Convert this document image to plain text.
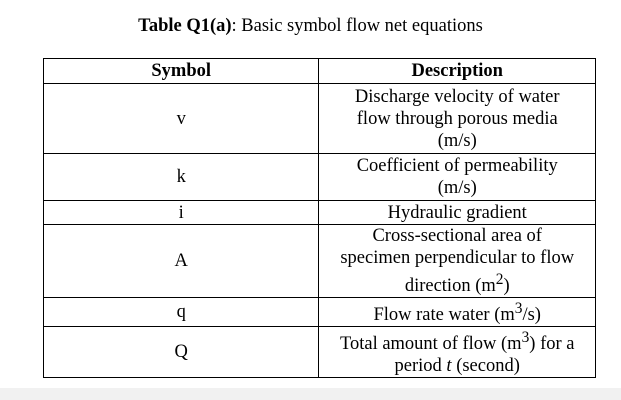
Table Q1(a): Basic symbol flow net equations
Symbol	Description
v	Discharge velocity of water
flow through porous media
(m/s)
k	Coefficient of permeability
(m/s)
i	Hydraulic gradient
A	Cross-sectional area of
specimen perpendicular to flow
direction $(m^2)$
q	Flow rate water $(m^3/s)$
Q	Total amount of flow $(m^3)$ for a
period t (second)
